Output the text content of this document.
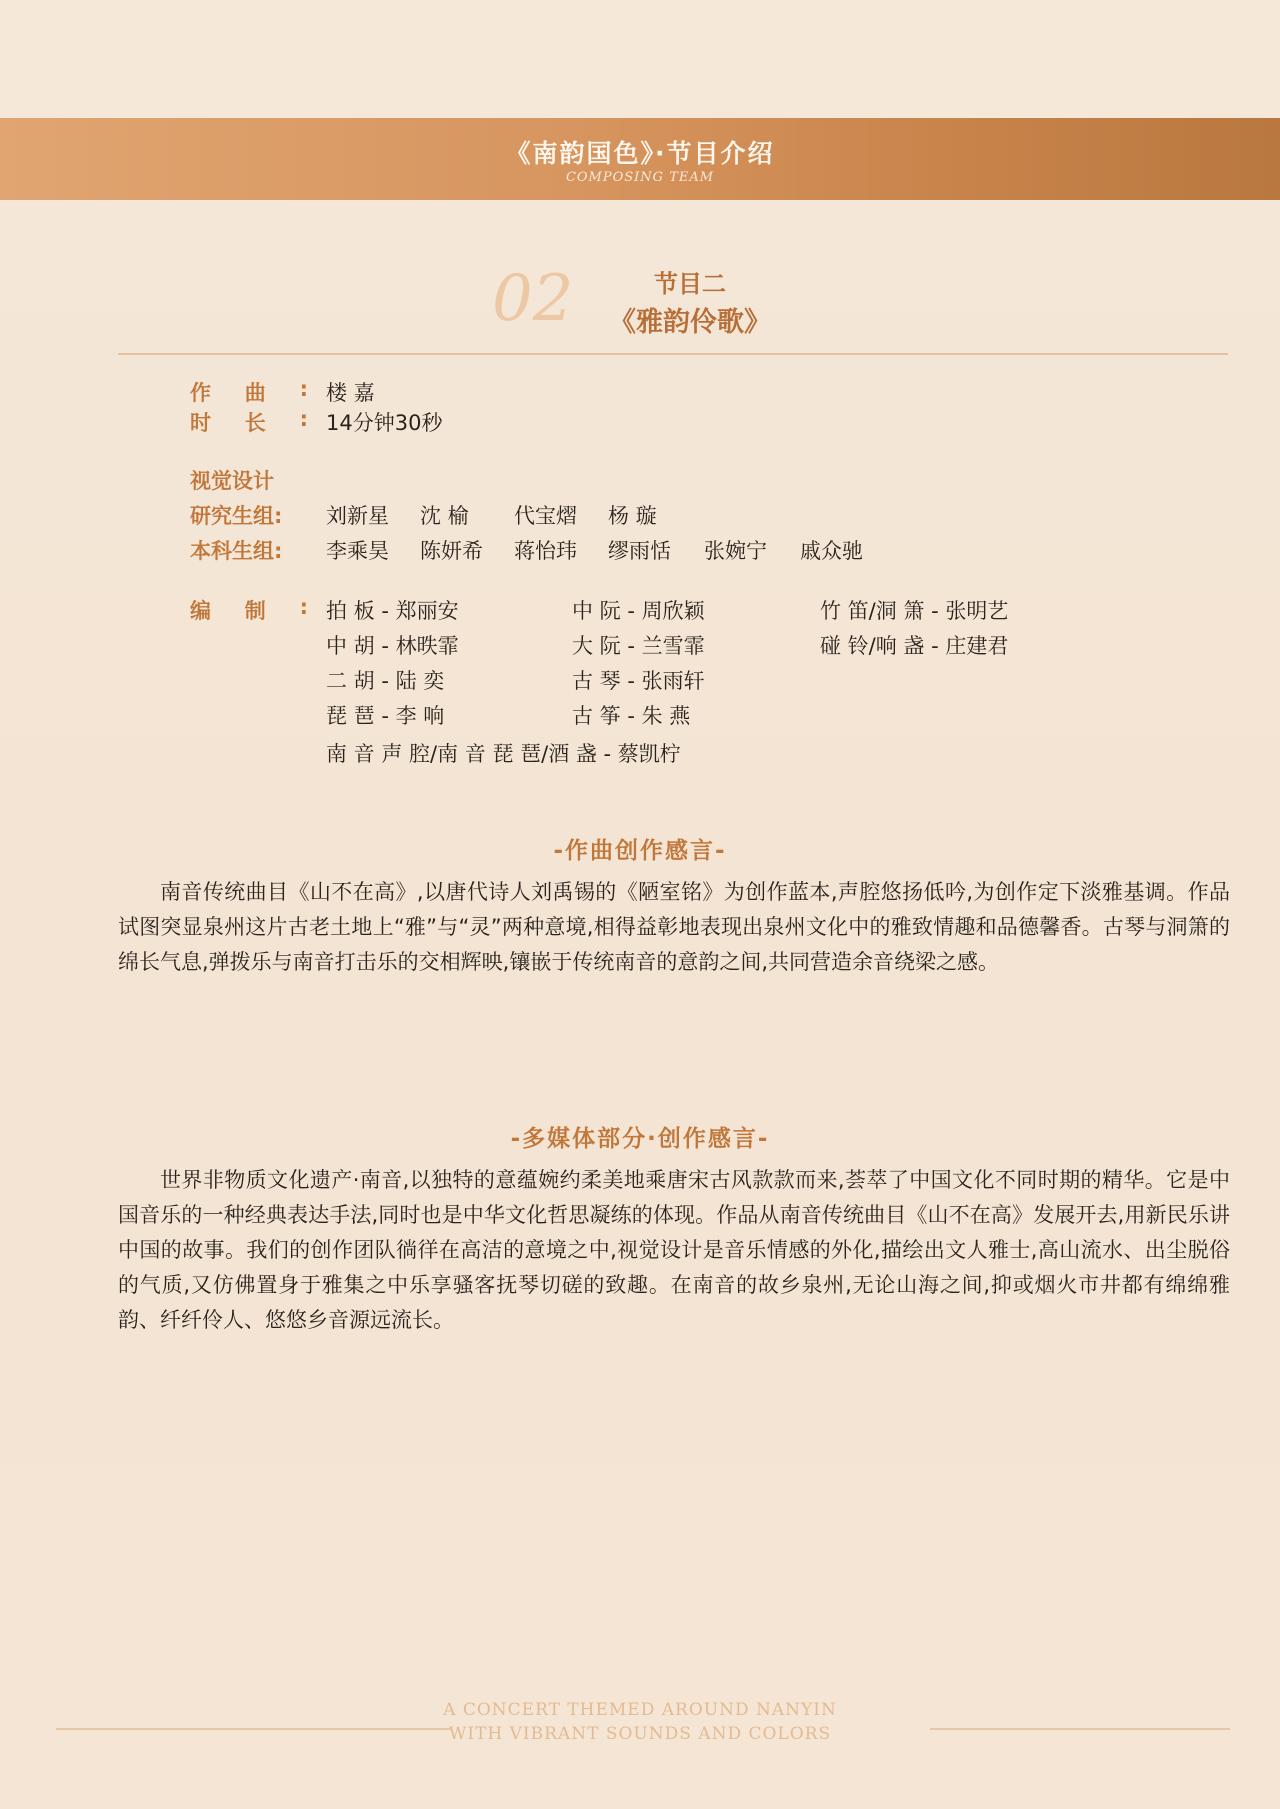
《南韵国色》·节目介绍
COMPOSING TEAM
02	节目二
《雅韵伶歌》
作 曲 : 楼 嘉
时 长 : 14分钟30秒
视觉设计
研究生组: 刘新星 沈 榆 代宝熠 杨 璇
本科生组: 李乘昊 陈妍希 蒋怡玮 缪雨恬 张婉宁 戚众驰
编 制 : 拍 板 - 郑丽安	中 阮 - 周欣颖	竹 笛/洞 箫 - 张明艺
中 胡 - 林昳霏	大 阮 - 兰雪霏	碰 铃/响 盏 - 庄建君
二 胡 - 陆 奕	古 琴 - 张雨轩
琵 琶 - 李 响	古 筝 - 朱 燕
南 音 声 腔/南 音 琵 琶/酒 盏 - 蔡凯柠
-作曲创作感言-
南音传统曲目《山不在高》,以唐代诗人刘禹锡的《陋室铭》为创作蓝本,声腔悠扬低吟,为创作定下淡雅基调。作品试图突显泉州这片古老土地上“雅”与“灵”两种意境,相得益彰地表现出泉州文化中的雅致情趣和品德馨香。古琴与洞箫的绵长气息,弹拨乐与南音打击乐的交相辉映,镶嵌于传统南音的意韵之间,共同营造余音绕梁之感。
-多媒体部分·创作感言-
世界非物质文化遗产·南音,以独特的意蕴婉约柔美地乘唐宋古风款款而来,荟萃了中国文化不同时期的精华。它是中国音乐的一种经典表达手法,同时也是中华文化哲思凝练的体现。作品从南音传统曲目《山不在高》发展开去,用新民乐讲中国的故事。我们的创作团队徜徉在高洁的意境之中,视觉设计是音乐情感的外化,描绘出文人雅士,高山流水、出尘脱俗的气质,又仿佛置身于雅集之中乐享骚客抚琴切磋的致趣。在南音的故乡泉州,无论山海之间,抑或烟火市井都有绵绵雅韵、纤纤伶人、悠悠乡音源远流长。
A CONCERT THEMED AROUND NANYIN
WITH VIBRANT SOUNDS AND COLORS
